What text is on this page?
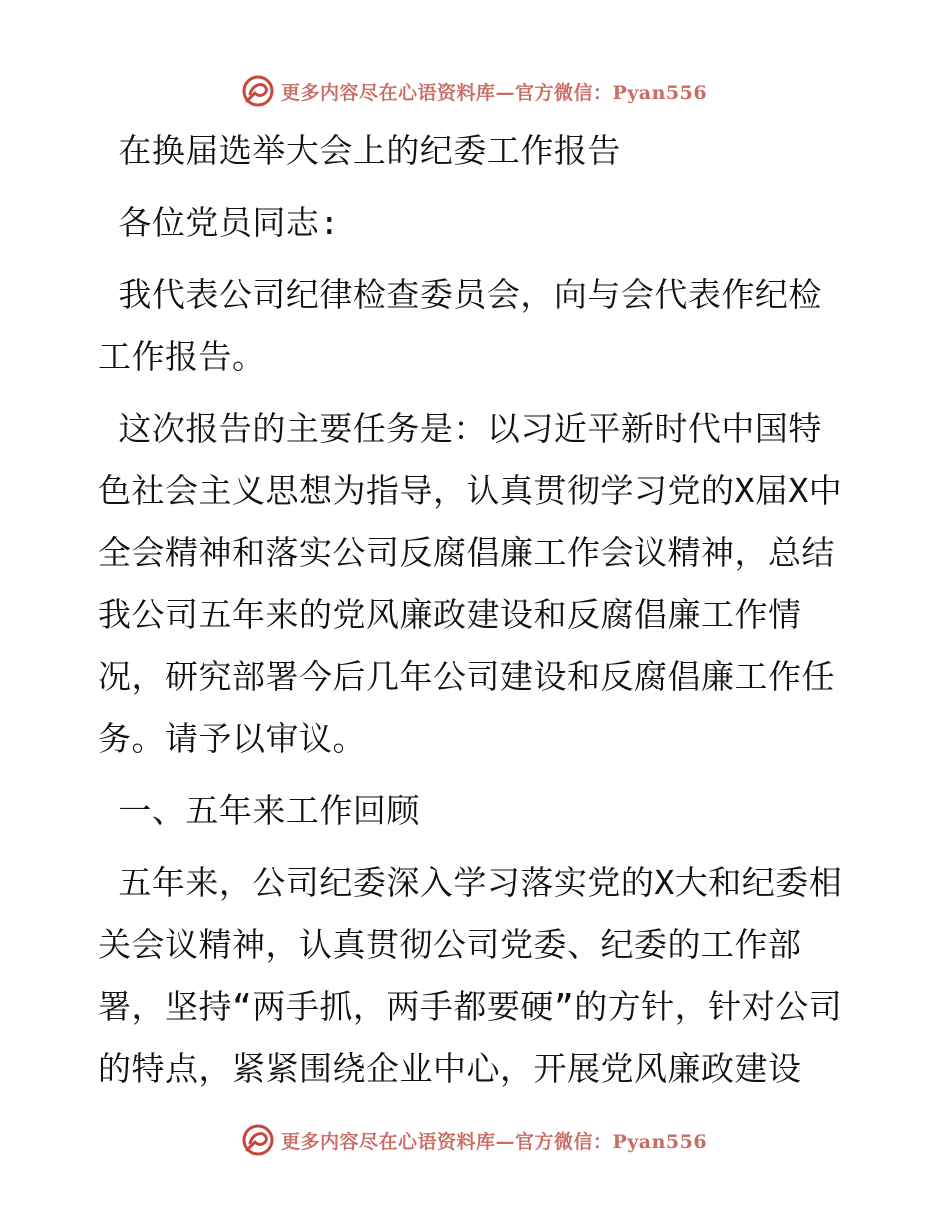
更多内容尽在心语资料库—官方微信：Pyan556

在换届选举大会上的纪委工作报告

各位党员同志:

我代表公司纪律检查委员会，向与会代表作纪检工作报告。

这次报告的主要任务是：以习近平新时代中国特色社会主义思想为指导，认真贯彻学习党的X届X中全会精神和落实公司反腐倡廉工作会议精神，总结我公司五年来的党风廉政建设和反腐倡廉工作情况，研究部署今后几年公司建设和反腐倡廉工作任务。请予以审议。

一、五年来工作回顾

五年来，公司纪委深入学习落实党的X大和纪委相关会议精神，认真贯彻公司党委、纪委的工作部署，坚持“两手抓，两手都要硬”的方针，针对公司的特点，紧紧围绕企业中心，开展党风廉政建设

更多内容尽在心语资料库—官方微信：Pyan556
